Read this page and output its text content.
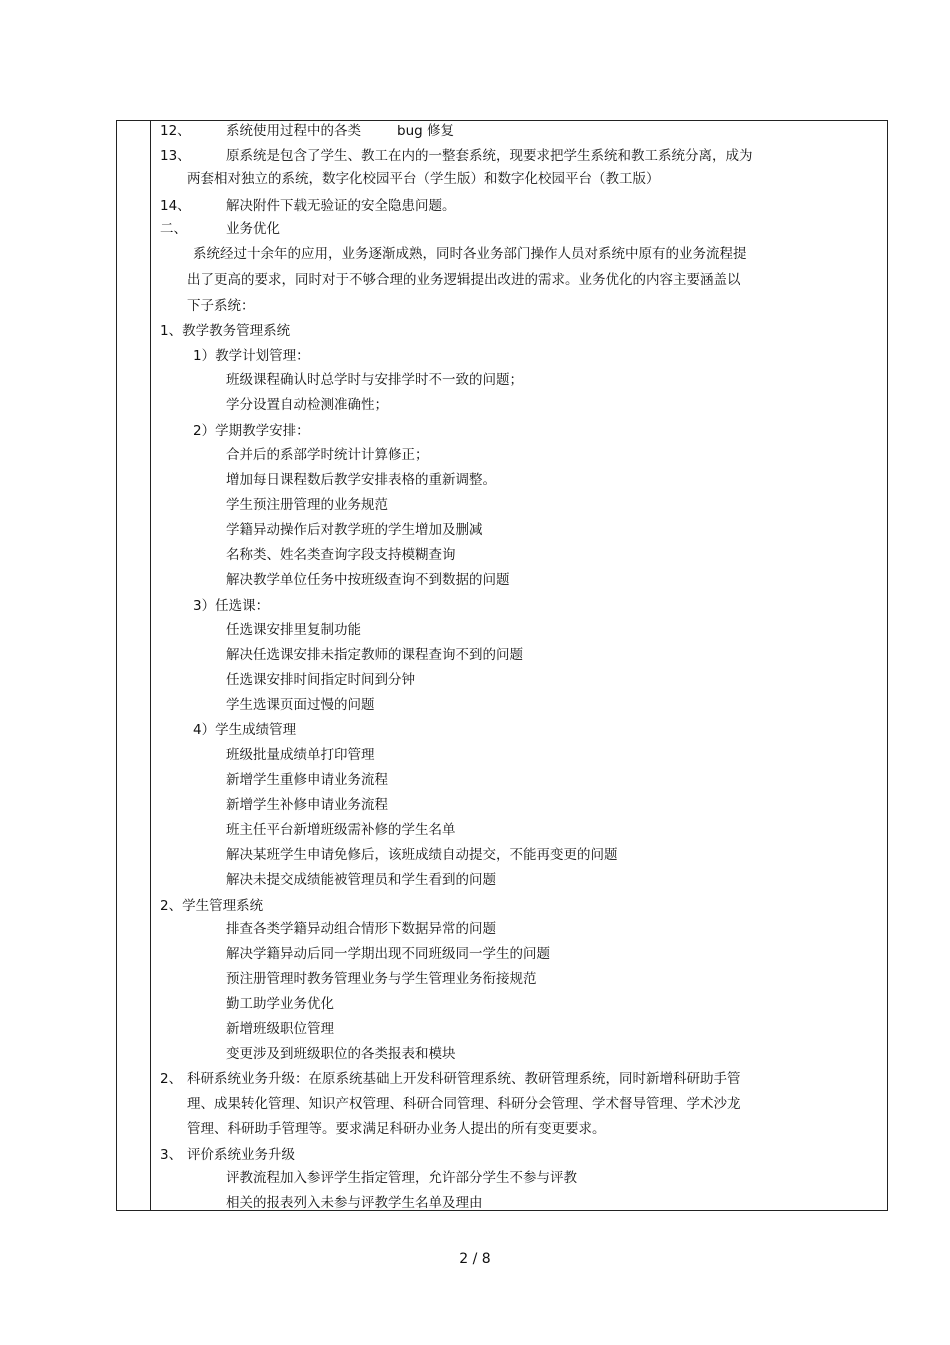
12、	系统使用过程中的各类	bug 修复
13、	原系统是包含了学生、教工在内的一整套系统，现要求把学生系统和教工系统分离，成为
两套相对独立的系统，数字化校园平台（学生版）和数字化校园平台（教工版）
14、	解决附件下载无验证的安全隐患问题。
二、	业务优化
系统经过十余年的应用，业务逐渐成熟，同时各业务部门操作人员对系统中原有的业务流程提
出了更高的要求，同时对于不够合理的业务逻辑提出改进的需求。业务优化的内容主要涵盖以
下子系统：
1、教学教务管理系统
1）教学计划管理：
班级课程确认时总学时与安排学时不一致的问题；
学分设置自动检测准确性；
2）学期教学安排：
合并后的系部学时统计计算修正；
增加每日课程数后教学安排表格的重新调整。
学生预注册管理的业务规范
学籍异动操作后对教学班的学生增加及删减
名称类、姓名类查询字段支持模糊查询
解决教学单位任务中按班级查询不到数据的问题
3）任选课：
任选课安排里复制功能
解决任选课安排未指定教师的课程查询不到的问题
任选课安排时间指定时间到分钟
学生选课页面过慢的问题
4）学生成绩管理
班级批量成绩单打印管理
新增学生重修申请业务流程
新增学生补修申请业务流程
班主任平台新增班级需补修的学生名单
解决某班学生申请免修后，该班成绩自动提交，不能再变更的问题
解决未提交成绩能被管理员和学生看到的问题
2、学生管理系统
排查各类学籍异动组合情形下数据异常的问题
解决学籍异动后同一学期出现不同班级同一学生的问题
预注册管理时教务管理业务与学生管理业务衔接规范
勤工助学业务优化
新增班级职位管理
变更涉及到班级职位的各类报表和模块
2、 科研系统业务升级：在原系统基础上开发科研管理系统、教研管理系统，同时新增科研助手管
理、成果转化管理、知识产权管理、科研合同管理、科研分会管理、学术督导管理、学术沙龙
管理、科研助手管理等。要求满足科研办业务人提出的所有变更要求。
3、 评价系统业务升级
评教流程加入参评学生指定管理，允许部分学生不参与评教
相关的报表列入未参与评教学生名单及理由
2 / 8
